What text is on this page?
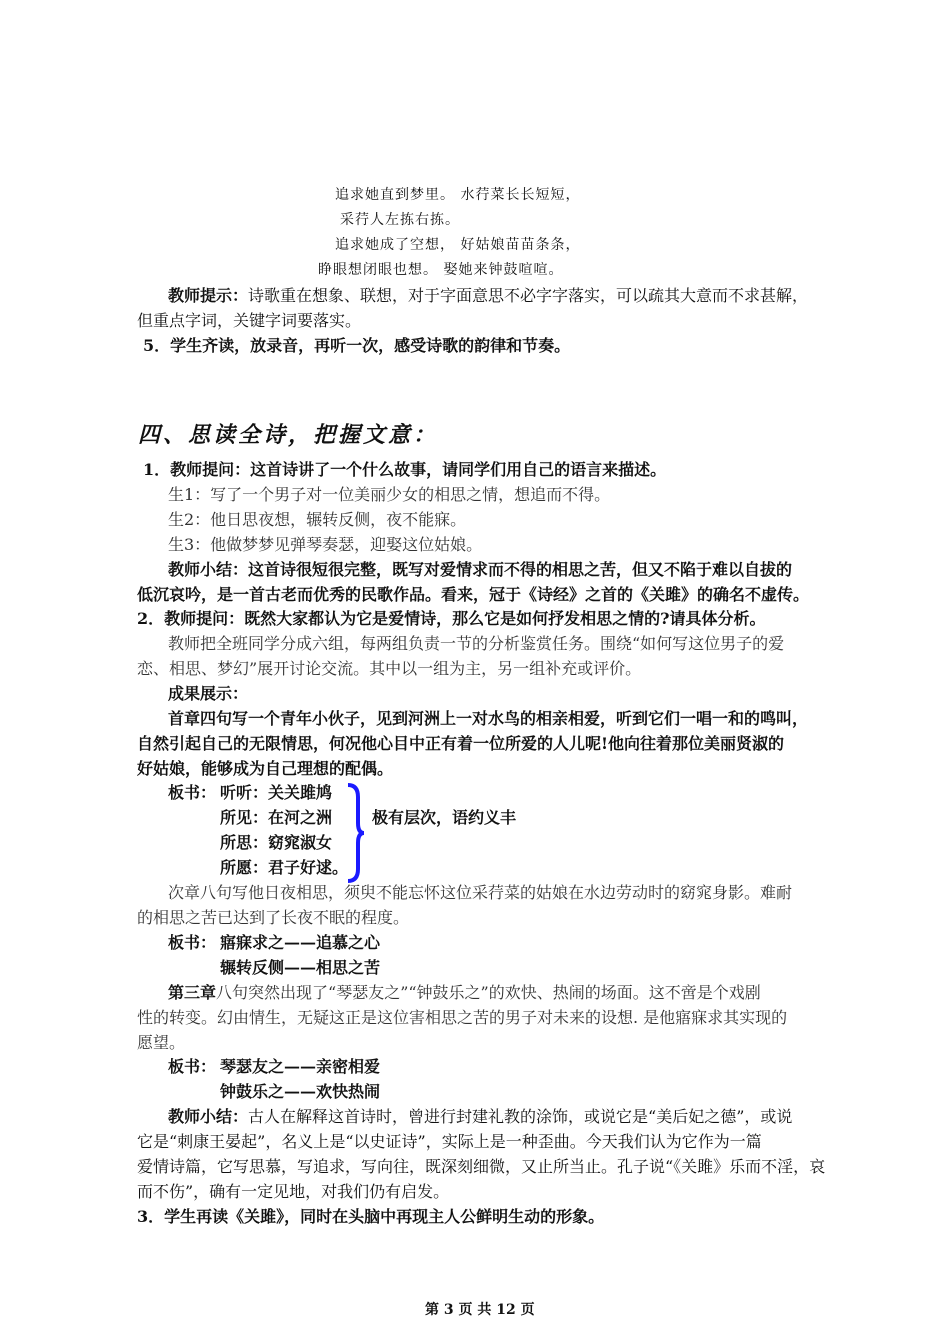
追求她直到梦里。 水荇菜长长短短，
采荇人左拣右拣。
追求她成了空想， 好姑娘苗苗条条，
睁眼想闭眼也想。 娶她来钟鼓喧喧。
教师提示：诗歌重在想象、联想，对于字面意思不必字字落实，可以疏其大意而不求甚解，
但重点字词，关键字词要落实。
5．学生齐读，放录音，再听一次，感受诗歌的韵律和节奏。
四、思读全诗，把握文意：
1．教师提问：这首诗讲了一个什么故事，请同学们用自己的语言来描述。
生1：写了一个男子对一位美丽少女的相思之情，想追而不得。
生2：他日思夜想，辗转反侧，夜不能寐。
生3：他做梦梦见弹琴奏瑟，迎娶这位姑娘。
教师小结：这首诗很短很完整，既写对爱情求而不得的相思之苦，但又不陷于难以自拔的
低沉哀吟，是一首古老而优秀的民歌作品。看来，冠于《诗经》之首的《关雎》的确名不虚传。
2．教师提问：既然大家都认为它是爱情诗，那么它是如何抒发相思之情的?请具体分析。
教师把全班同学分成六组，每两组负责一节的分析鉴赏任务。围绕“如何写这位男子的爱
恋、相思、梦幻”展开讨论交流。其中以一组为主，另一组补充或评价。
成果展示：
首章四句写一个青年小伙子，见到河洲上一对水鸟的相亲相爱，听到它们一唱一和的鸣叫，
自然引起自己的无限情思，何况他心目中正有着一位所爱的人儿呢!他向往着那位美丽贤淑的
好姑娘，能够成为自己理想的配偶。
板书： 听听：关关雎鸠
所见：在河之洲
所思：窈窕淑女
所愿：君子好逑。
极有层次，语约义丰
次章八句写他日夜相思，须臾不能忘怀这位采荇菜的姑娘在水边劳动时的窈窕身影。难耐
的相思之苦已达到了长夜不眠的程度。
板书： 寤寐求之——追慕之心
辗转反侧——相思之苦
第三章八句突然出现了“琴瑟友之”“钟鼓乐之”的欢快、热闹的场面。这不啻是个戏剧
性的转变。幻由情生，无疑这正是这位害相思之苦的男子对未来的设想. 是他寤寐求其实现的
愿望。
板书： 琴瑟友之——亲密相爱
钟鼓乐之——欢快热闹
教师小结：古人在解释这首诗时，曾进行封建礼教的涂饰，或说它是“美后妃之德”，或说
它是“刺康王晏起”，名义上是“以史证诗”，实际上是一种歪曲。今天我们认为它作为一篇
爱情诗篇，它写思慕，写追求，写向往，既深刻细微，又止所当止。孔子说“《关雎》乐而不淫，哀
而不伤”，确有一定见地，对我们仍有启发。
3．学生再读《关雎》，同时在头脑中再现主人公鲜明生动的形象。
第 3 页 共 12 页
